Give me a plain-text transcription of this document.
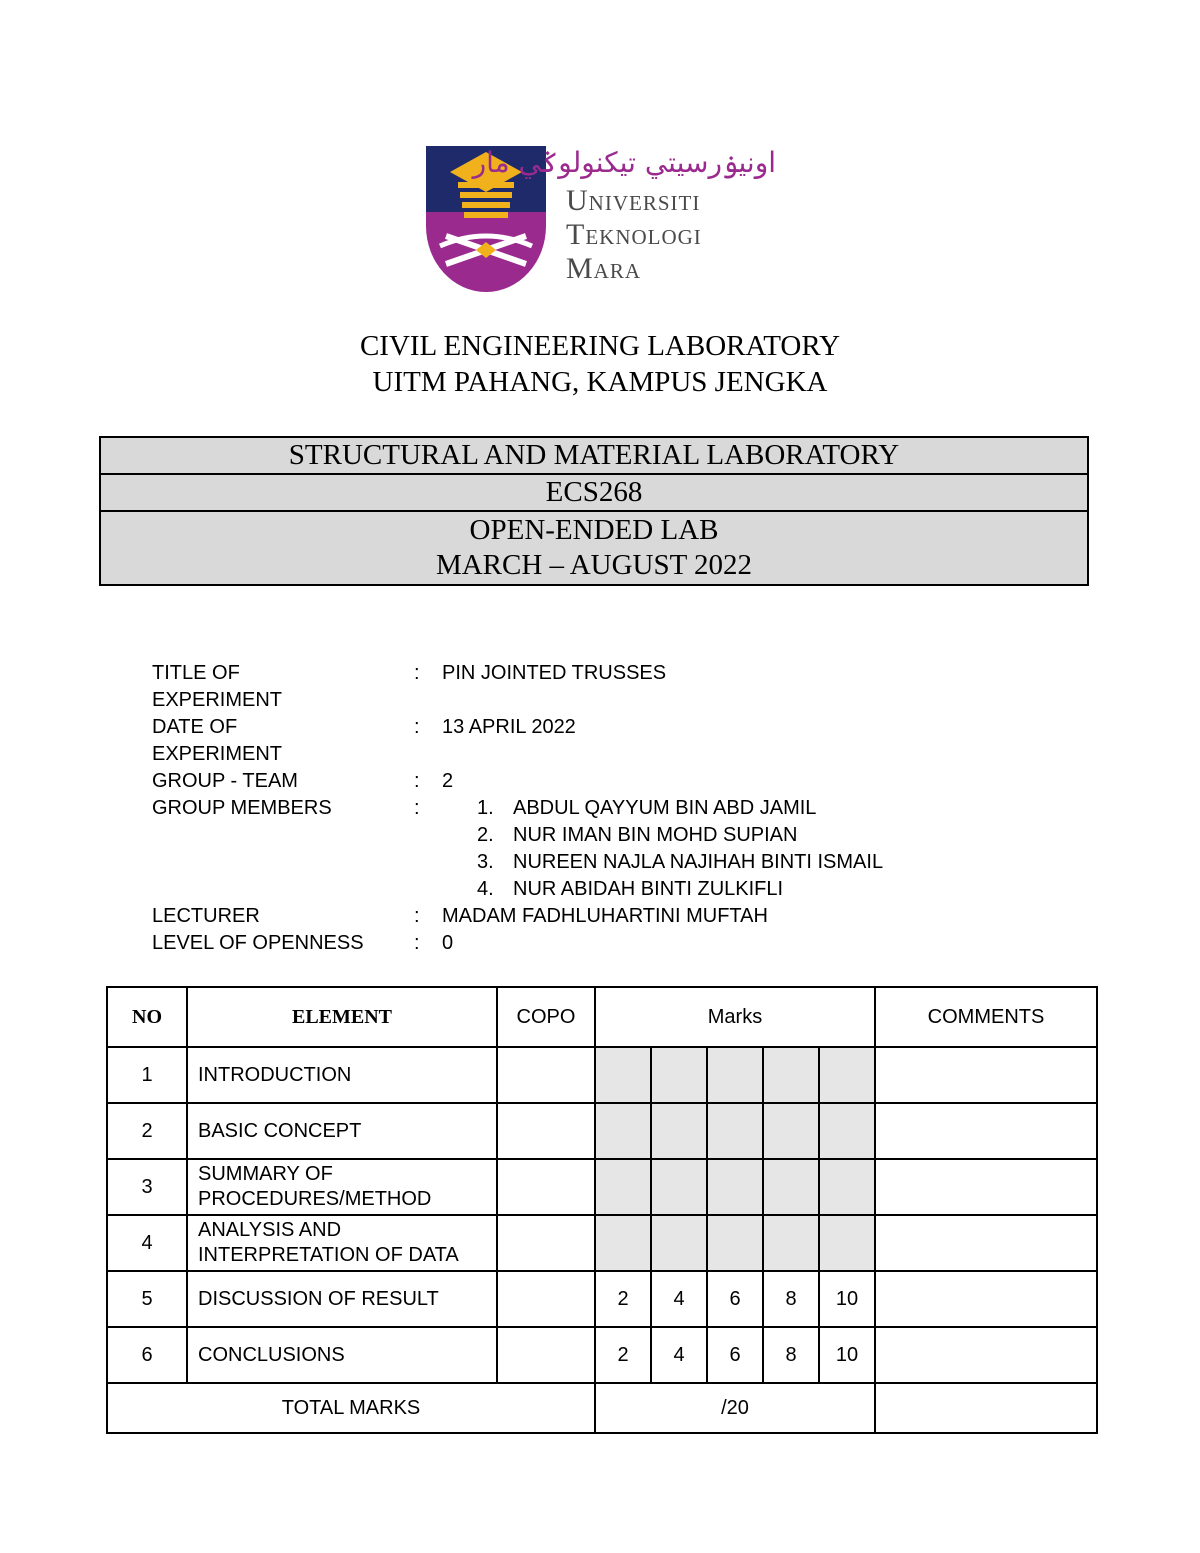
اونيۏرسيتي تيكنولوݢي مار
Universiti
Teknologi
Mara
CIVIL ENGINEERING LABORATORY
UITM PAHANG, KAMPUS JENGKA
STRUCTURAL AND MATERIAL LABORATORY
ECS268
OPEN-ENDED LAB
MARCH – AUGUST 2022
TITLE OF	: PIN JOINTED TRUSSES
EXPERIMENT
DATE OF	: 13 APRIL 2022
EXPERIMENT
GROUP - TEAM	: 2
GROUP MEMBERS	:	1. ABDUL QAYYUM BIN ABD JAMIL
2. NUR IMAN BIN MOHD SUPIAN
3. NUREEN NAJLA NAJIHAH BINTI ISMAIL
4. NUR ABIDAH BINTI ZULKIFLI
LECTURER	: MADAM FADHLUHARTINI MUFTAH
LEVEL OF OPENNESS	: 0
NO	ELEMENT	COPO	Marks					COMMENTS
1	INTRODUCTION							
2	BASIC CONCEPT							
3	SUMMARY OF
PROCEDURES/METHOD							

4	ANALYSIS AND
INTERPRETATION OF DATA							

5	DISCUSSION OF RESULT		2	4	6	8	10	
6	CONCLUSIONS		2	4	6	8	10	
TOTAL MARKS			/20					
